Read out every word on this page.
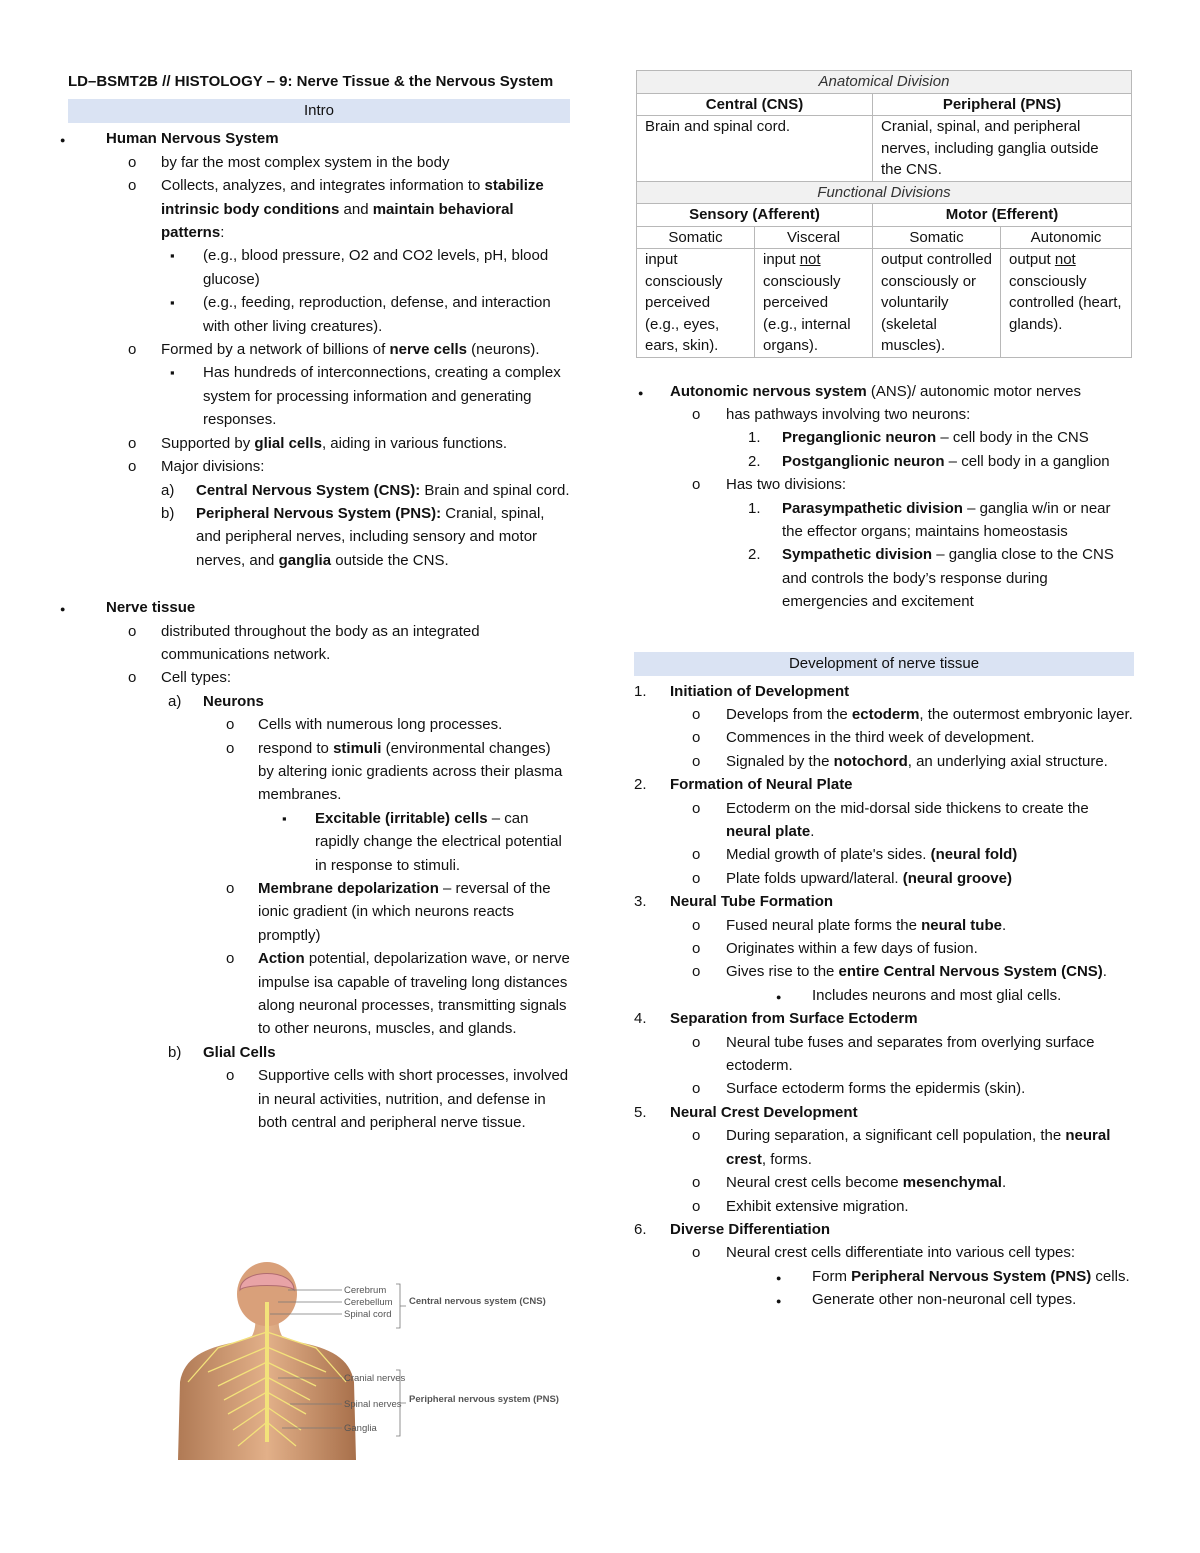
LD–BSMT2B // HISTOLOGY – 9: Nerve Tissue & the Nervous System
Intro
●
Human Nervous System
o
by far the most complex system in the body
o
Collects, analyzes, and integrates information to stabilize intrinsic body conditions and maintain behavioral patterns:
▪
(e.g., blood pressure, O2 and CO2 levels, pH, blood glucose)
▪
(e.g., feeding, reproduction, defense, and interaction with other living creatures).
o
Formed by a network of billions of nerve cells (neurons).
▪
Has hundreds of interconnections, creating a complex system for processing information and generating responses.
o
Supported by glial cells, aiding in various functions.
o
Major divisions:
a) Central Nervous System (CNS): Brain and spinal cord.
b) Peripheral Nervous System (PNS): Cranial, spinal, and peripheral nerves, including sensory and motor nerves, and ganglia outside the CNS.
●
Nerve tissue
o
distributed throughout the body as an integrated communications network.
o
Cell types:
a) Neurons
o
Cells with numerous long processes.
o
respond to stimuli (environmental changes) by altering ionic gradients across their plasma membranes.
▪
Excitable (irritable) cells – can rapidly change the electrical potential in response to stimuli.
o
Membrane depolarization – reversal of the ionic gradient (in which neurons reacts promptly)
o
Action potential, depolarization wave, or nerve impulse isa capable of traveling long distances along neuronal processes, transmitting signals to other neurons, muscles, and glands.
b) Glial Cells
o
Supportive cells with short processes, involved in neural activities, nutrition, and defense in both central and peripheral nerve tissue.
Cerebrum
Cerebellum
Spinal cord
Cranial nerves
Spinal nerves
Ganglia
Central nervous system (CNS)
Peripheral nervous system (PNS)
Anatomical Division			
Central (CNS)		Peripheral (PNS)	
Brain and spinal cord.		Cranial, spinal, and peripheral nerves, including ganglia outside the CNS.	
Functional Divisions			
Sensory (Afferent)		Motor (Efferent)	
Somatic	Visceral	Somatic	Autonomic
input consciously perceived (e.g., eyes, ears, skin).	input not consciously perceived (e.g., internal organs).	output controlled consciously or voluntarily (skeletal muscles).	output not consciously controlled (heart, glands).
●
Autonomic nervous system (ANS)/ autonomic motor nerves
o
has pathways involving two neurons:
1. Preganglionic neuron – cell body in the CNS
2. Postganglionic neuron – cell body in a ganglion
o
Has two divisions:
1. Parasympathetic division – ganglia w/in or near the effector organs; maintains homeostasis
2. Sympathetic division – ganglia close to the CNS and controls the body’s response during emergencies and excitement
Development of nerve tissue
1. Initiation of Development
o
Develops from the ectoderm, the outermost embryonic layer.
o
Commences in the third week of development.
o
Signaled by the notochord, an underlying axial structure.
2. Formation of Neural Plate
o
Ectoderm on the mid-dorsal side thickens to create the neural plate.
o
Medial growth of plate's sides. (neural fold)
o
Plate folds upward/lateral. (neural groove)
3. Neural Tube Formation
o
Fused neural plate forms the neural tube.
o
Originates within a few days of fusion.
o
Gives rise to the entire Central Nervous System (CNS).
●
Includes neurons and most glial cells.
4. Separation from Surface Ectoderm
o
Neural tube fuses and separates from overlying surface ectoderm.
o
Surface ectoderm forms the epidermis (skin).
5. Neural Crest Development
o
During separation, a significant cell population, the neural crest, forms.
o
Neural crest cells become mesenchymal.
o
Exhibit extensive migration.
6. Diverse Differentiation
o
Neural crest cells differentiate into various cell types:
●
Form Peripheral Nervous System (PNS) cells.
●
Generate other non-neuronal cell types.
